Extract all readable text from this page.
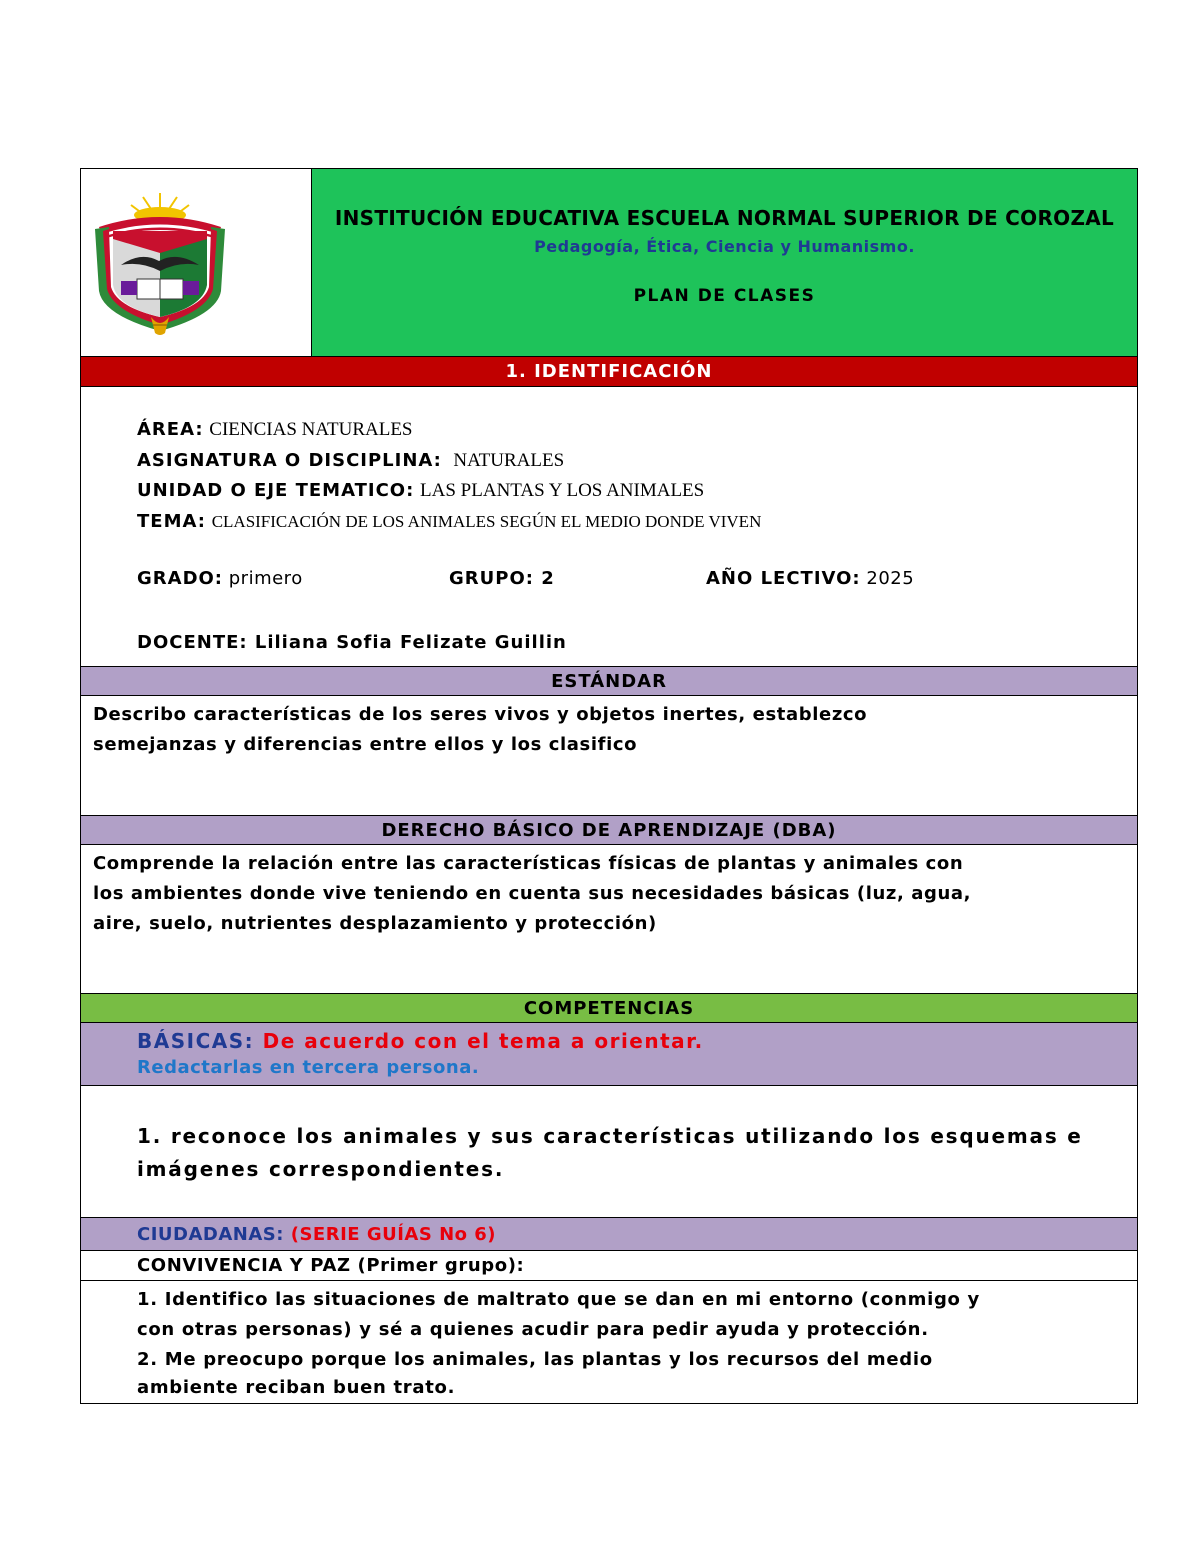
INSTITUCIÓN EDUCATIVA ESCUELA NORMAL SUPERIOR DE COROZAL
Pedagogía, Ética, Ciencia y Humanismo.
PLAN DE CLASES
1. IDENTIFICACIÓN
ÁREA: CIENCIAS NATURALES
ASIGNATURA O DISCIPLINA: NATURALES
UNIDAD O EJE TEMATICO: LAS PLANTAS Y LOS ANIMALES
TEMA: CLASIFICACIÓN DE LOS ANIMALES SEGÚN EL MEDIO DONDE VIVEN
GRADO: primero	GRUPO: 2	AÑO LECTIVO: 2025
DOCENTE: Liliana Sofia Felizate Guillin
ESTÁNDAR
Describo características de los seres vivos y objetos inertes, establezco
semejanzas y diferencias entre ellos y los clasifico
DERECHO BÁSICO DE APRENDIZAJE (DBA)
Comprende la relación entre las características físicas de plantas y animales con
los ambientes donde vive teniendo en cuenta sus necesidades básicas (luz, agua,
aire, suelo, nutrientes desplazamiento y protección)
COMPETENCIAS
BÁSICAS: De acuerdo con el tema a orientar.
Redactarlas en tercera persona.
1. reconoce los animales y sus características utilizando los esquemas e
imágenes correspondientes.
CIUDADANAS: (SERIE GUÍAS No 6)
CONVIVENCIA Y PAZ (Primer grupo):
1. Identifico las situaciones de maltrato que se dan en mi entorno (conmigo y
con otras personas) y sé a quienes acudir para pedir ayuda y protección.
2. Me preocupo porque los animales, las plantas y los recursos del medio
ambiente reciban buen trato.
